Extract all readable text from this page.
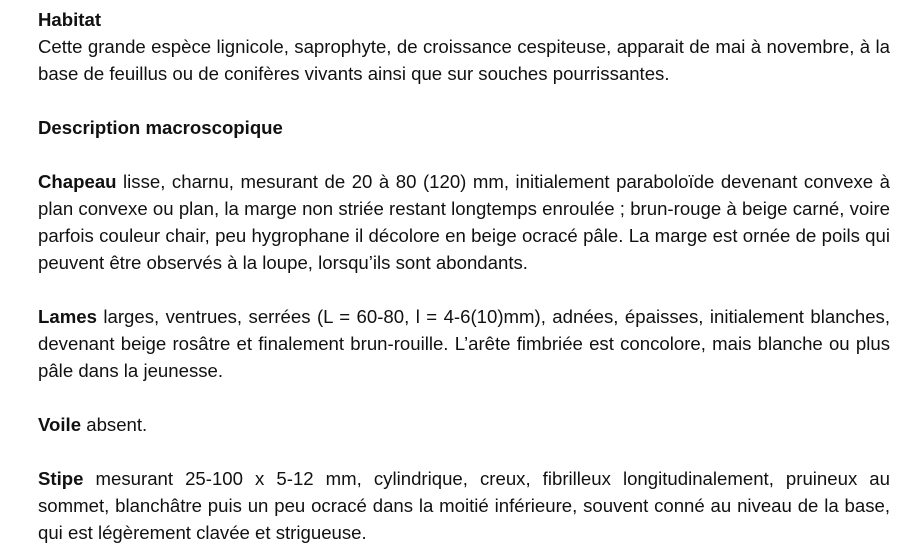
Habitat

Cette grande espèce lignicole, saprophyte, de croissance cespiteuse, apparait de mai à novembre, à la base de feuillus ou de conifères vivants ainsi que sur souches pourrissantes.

Description macroscopique

Chapeau lisse, charnu, mesurant de 20 à 80 (120) mm, initialement paraboloïde devenant convexe à plan convexe ou plan, la marge non striée restant longtemps enroulée ; brun-rouge à beige carné, voire parfois couleur chair, peu hygrophane il décolore en beige ocracé pâle. La marge est ornée de poils qui peuvent être observés à la loupe, lorsqu’ils sont abondants.

Lames larges, ventrues, serrées (L = 60-80, l = 4-6(10)mm), adnées, épaisses, initialement blanches, devenant beige rosâtre et finalement brun-rouille. L’arête fimbriée est concolore, mais blanche ou plus pâle dans la jeunesse.

Voile absent.

Stipe mesurant 25-100 x 5-12 mm, cylindrique, creux, fibrilleux longitudinalement, pruineux au sommet, blanchâtre puis un peu ocracé dans la moitié inférieure, souvent conné au niveau de la base, qui est légèrement clavée et strigueuse.
